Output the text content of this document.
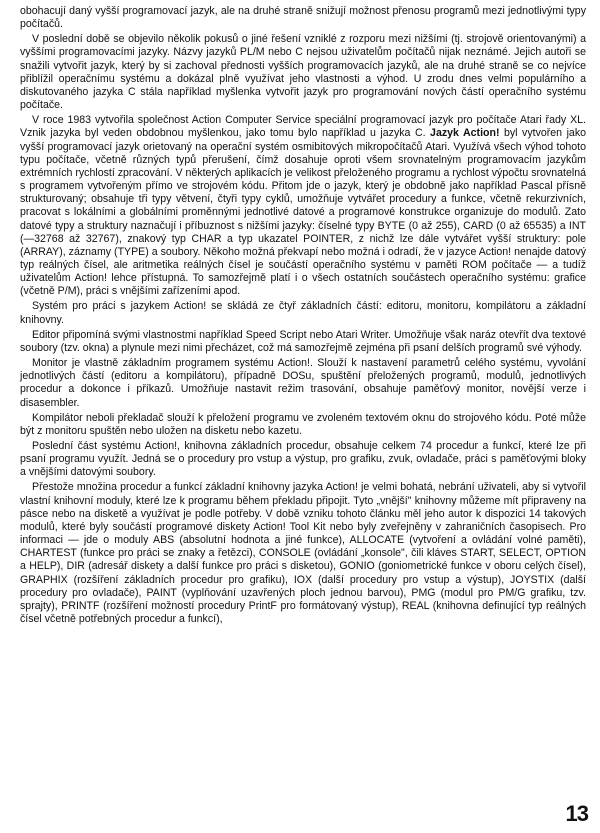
obohacují daný vyšší programovací jazyk, ale na druhé straně snižují možnost přenosu programů mezi jednotlivými typy počítačů.

V poslední době se objevilo několik pokusů o jiné řešení vzniklé z rozporu mezi nižšími (tj. strojově orientovanými) a vyššími programovacími jazyky. Názvy jazyků PL/M nebo C nejsou uživatelům počítačů nijak neznámé. Jejich autoři se snažili vytvořit jazyk, který by si zachoval přednosti vyšších programovacích jazyků, ale na druhé straně se co nejvíce přiblížil operačnímu systému a dokázal plně využívat jeho vlastnosti a výhod. U zrodu dnes velmi populárního a diskutovaného jazyka C stála například myšlenka vytvořit jazyk pro programování nových částí operačního systému počítače.

V roce 1983 vytvořila společnost Action Computer Service speciální programovací jazyk pro počítače Atari řady XL. Vznik jazyka byl veden obdobnou myšlenkou, jako tomu bylo například u jazyka C. Jazyk Action! byl vytvořen jako vyšší programovací jazyk orietovaný na operační systém osmibitových mikropočítačů Atari. Využívá všech výhod tohoto typu počítače, včetně různých typů přerušení, čímž dosahuje oproti všem srovnatelným programovacím jazykům extrémních rychlostí zpracování. V některých aplikacích je velikost přeloženého programu a rychlost výpočtu srovnatelná s programem vytvořeným přímo ve strojovém kódu. Přitom jde o jazyk, který je obdobně jako například Pascal přísně strukturovaný; obsahuje tři typy větvení, čtyři typy cyklů, umožňuje vytvářet procedury a funkce, včetně rekurzivních, pracovat s lokálními a globálními proměnnými jednotlivé datové a programové konstrukce organizuje do modulů. Zato datové typy a struktury naznačují i příbuznost s nižšími jazyky: číselné typy BYTE (0 až 255), CARD (0 až 65535) a INT (—32768 až 32767), znakový typ CHAR a typ ukazatel POINTER, z nichž lze dále vytvářet vyšší struktury: pole (ARRAY), záznamy (TYPE) a soubory. Někoho možná překvapí nebo možná i odradí, že v jazyce Action! nenajde datový typ reálných čísel, ale aritmetika reálných čísel je součástí operačního systému v paměti ROM počítače — a tudíž uživatelům Action! lehce přístupná. To samozřejmě platí i o všech ostatních součástech operačního systému: grafice (včetně P/M), práci s vnějšími zařízeními apod.

Systém pro práci s jazykem Action! se skládá ze čtyř základních částí: editoru, monitoru, kompilátoru a základní knihovny.

Editor připomíná svými vlastnostmi například Speed Script nebo Atari Writer. Umožňuje však naráz otevřít dva textové soubory (tzv. okna) a plynule mezi nimi přecházet, což má samozřejmě zejména při psaní delších programů své výhody.

Monitor je vlastně základním programem systému Action!. Slouží k nastavení parametrů celého systému, vyvolání jednotlivých částí (editoru a kompilátoru), případně DOSu, spuštění přeložených programů, modulů, jednotlivých procedur a dokonce i příkazů. Umožňuje nastavit režim trasování, obsahuje paměťový monitor, novější verze i disasembler.

Kompilátor neboli překladač slouží k přeložení programu ve zvoleném textovém oknu do strojového kódu. Poté může být z monitoru spuštěn nebo uložen na disketu nebo kazetu.

Poslední část systému Action!, knihovna základních procedur, obsahuje celkem 74 procedur a funkcí, které lze při psaní programu využít. Jedná se o procedury pro vstup a výstup, pro grafiku, zvuk, ovladače, práci s paměťovými bloky a vnějšími datovými soubory.

Přestože množina procedur a funkcí základní knihovny jazyka Action! je velmi bohatá, nebrání uživateli, aby si vytvořil vlastní knihovní moduly, které lze k programu během překladu připojit. Tyto „vnější" knihovny můžeme mít připraveny na pásce nebo na disketě a využívat je podle potřeby. V době vzniku tohoto článku měl jeho autor k dispozici 14 takových modulů, které byly součástí programové diskety Action! Tool Kit nebo byly zveřejněny v zahraničních časopisech. Pro informaci — jde o moduly ABS (absolutní hodnota a jiné funkce), ALLOCATE (vytvoření a ovládání volné paměti), CHARTEST (funkce pro práci se znaky a řetězci), CONSOLE (ovládání „konsole", čili kláves START, SELECT, OPTION a HELP), DIR (adresář diskety a další funkce pro práci s disketou), GONIO (goniometrické funkce v oboru celých čísel), GRAPHIX (rozšíření základních procedur pro grafiku), IOX (další procedury pro vstup a výstup), JOYSTIX (další procedury pro ovladače), PAINT (vyplňování uzavřených ploch jednou barvou), PMG (modul pro PM/G grafiku, tzv. sprajty), PRINTF (rozšíření možností procedury PrintF pro formátovaný výstup), REAL (knihovna definující typ reálných čísel včetně potřebných procedur a funkcí),

13
